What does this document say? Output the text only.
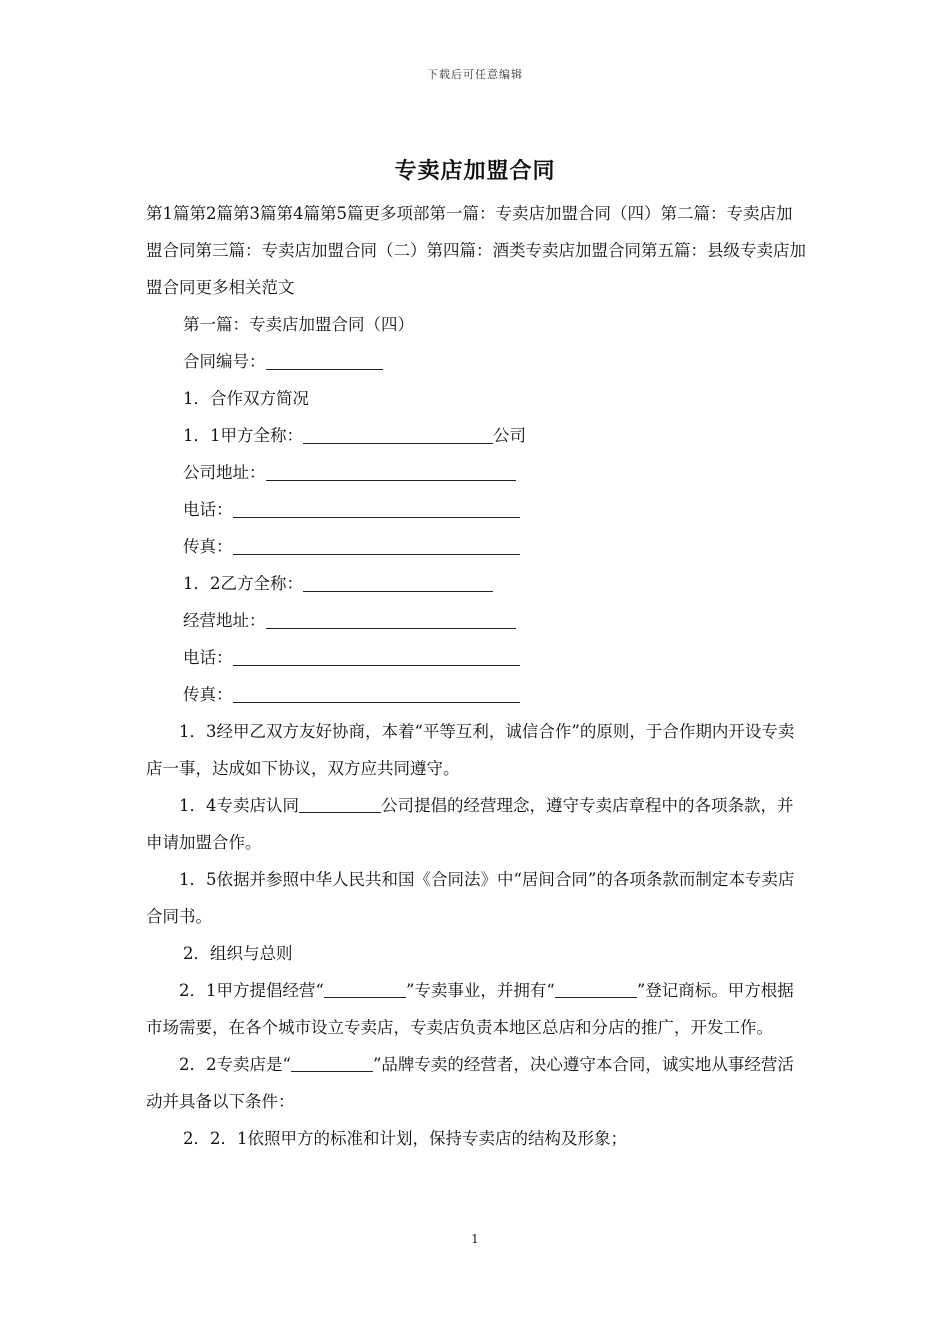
下载后可任意编辑
专卖店加盟合同

第1篇第2篇第3篇第4篇第5篇更多项部第一篇：专卖店加盟合同（四）第二篇：专卖店加盟合同第三篇：专卖店加盟合同（二）第四篇：酒类专卖店加盟合同第五篇：县级专卖店加盟合同更多相关范文

第一篇：专卖店加盟合同（四）
合同编号：
1．合作双方简况
1．1甲方全称：	公司
公司地址：
电话：
传真：
1．2乙方全称：
经营地址：
电话：
传真：

1．3经甲乙双方友好协商，本着“平等互利，诚信合作”的原则，于合作期内开设专卖店一事，达成如下协议，双方应共同遵守。

1．4专卖店认同	公司提倡的经营理念，遵守专卖店章程中的各项条款，并申请加盟合作。

1．5依据并参照中华人民共和国《合同法》中“居间合同”的各项条款而制定本专卖店合同书。

2．组织与总则

2．1甲方提倡经营“	”专卖事业，并拥有“	”登记商标。甲方根据市场需要，在各个城市设立专卖店，专卖店负责本地区总店和分店的推广，开发工作。

2．2专卖店是“	”品牌专卖的经营者，决心遵守本合同，诚实地从事经营活动并具备以下条件：

2．2．1依照甲方的标准和计划，保持专卖店的结构及形象；
1
